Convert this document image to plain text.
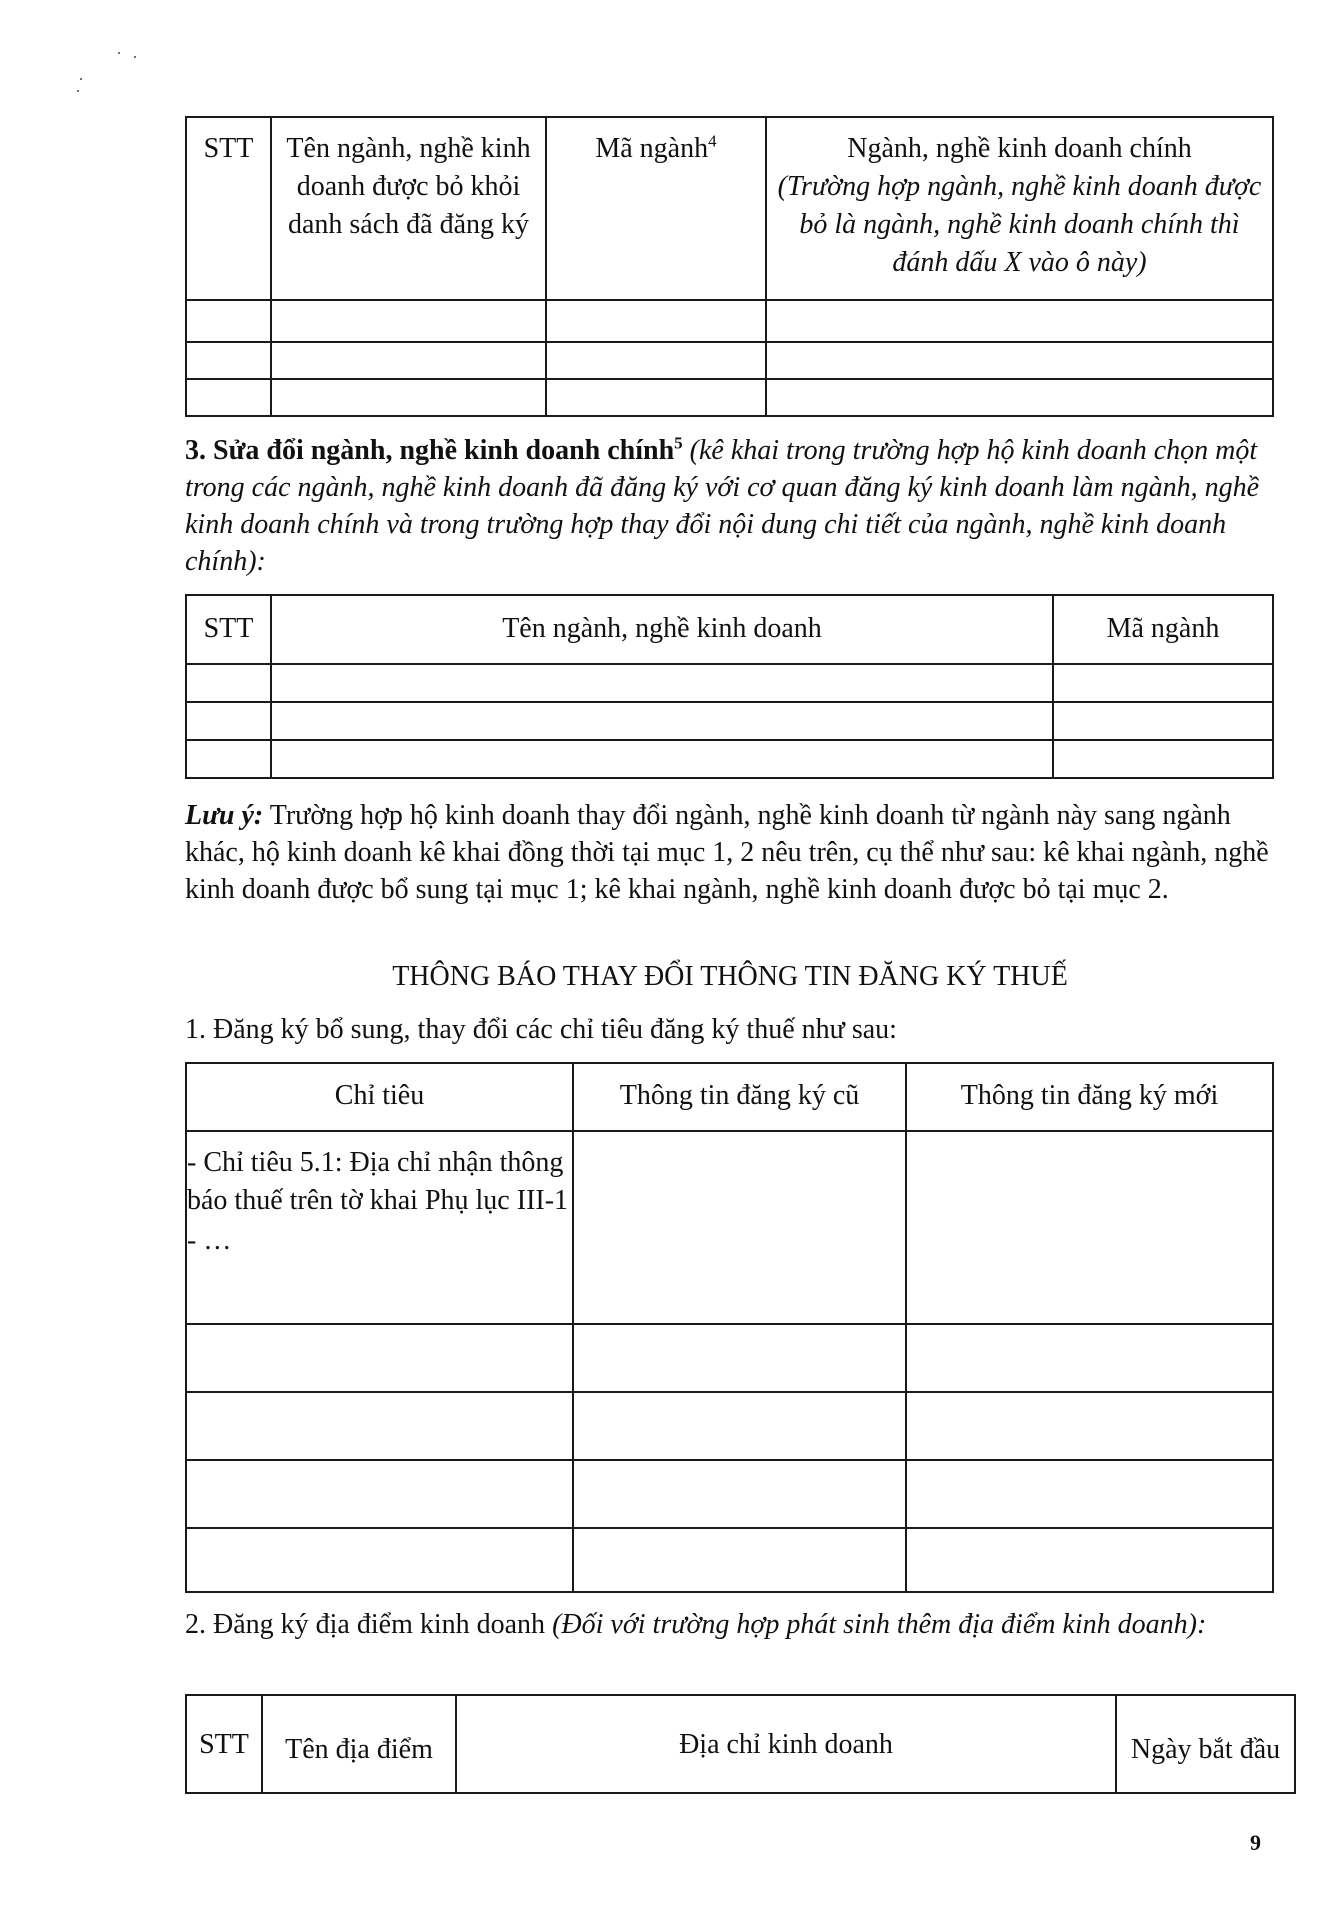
STT	Tên ngành, nghề kinh doanh được bỏ khỏi danh sách đã đăng ký	Mã ngành$^4$	Ngành, nghề kinh doanh chính
(Trường hợp ngành, nghề kinh doanh được bỏ là ngành, nghề kinh doanh chính thì đánh dấu X vào ô này)

3. Sửa đổi ngành, nghề kinh doanh chính$^5$ (kê khai trong trường hợp hộ kinh doanh chọn một trong các ngành, nghề kinh doanh đã đăng ký với cơ quan đăng ký kinh doanh làm ngành, nghề kinh doanh chính và trong trường hợp thay đổi nội dung chi tiết của ngành, nghề kinh doanh chính):
STT	Tên ngành, nghề kinh doanh	Mã ngành

Lưu ý: Trường hợp hộ kinh doanh thay đổi ngành, nghề kinh doanh từ ngành này sang ngành khác, hộ kinh doanh kê khai đồng thời tại mục 1, 2 nêu trên, cụ thể như sau: kê khai ngành, nghề kinh doanh được bổ sung tại mục 1; kê khai ngành, nghề kinh doanh được bỏ tại mục 2.
THÔNG BÁO THAY ĐỔI THÔNG TIN ĐĂNG KÝ THUẾ
1. Đăng ký bổ sung, thay đổi các chỉ tiêu đăng ký thuế như sau:
Chỉ tiêu	Thông tin đăng ký cũ	Thông tin đăng ký mới

- Chỉ tiêu 5.1: Địa chỉ nhận thông báo thuế trên tờ khai Phụ lục III-1
- …		

2. Đăng ký địa điểm kinh doanh (Đối với trường hợp phát sinh thêm địa điểm kinh doanh):
STT	Tên địa điểm	Địa chỉ kinh doanh	Ngày bắt đầu
9
